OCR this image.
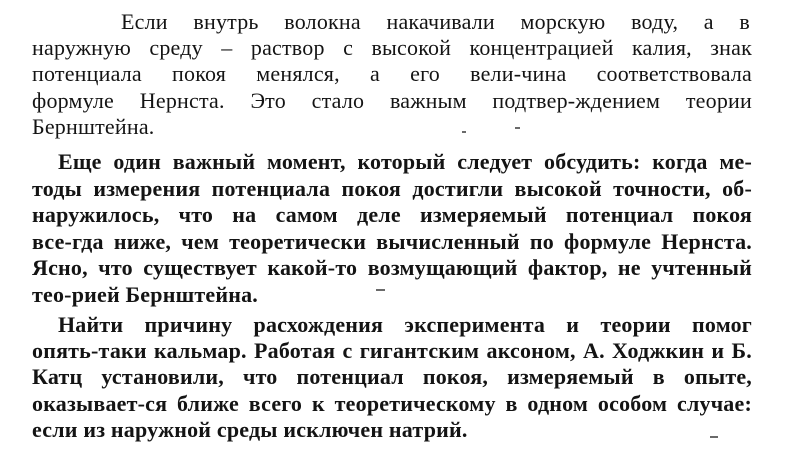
Если внутрь волокна накачивали морскую воду, а в
наружную среду – раствор с высокой концентрацией калия, знак
потенциала покоя менялся, а его вели-чина соответствовала
формуле Нернста. Это стало важным подтвер-ждением теории
Бернштейна.
Еще один важный момент, который следует обсудить: когда ме-
тоды измерения потенциала покоя достигли высокой точности, об-
наружилось, что на самом деле измеряемый потенциал покоя
все-гда ниже, чем теоретически вычисленный по формуле Нернста.
Ясно, что существует какой-то возмущающий фактор, не учтенный
тео-рией Бернштейна.
Найти причину расхождения эксперимента и теории помог
опять-таки кальмар. Работая с гигантским аксоном, А. Ходжкин и Б.
Катц установили, что потенциал покоя, измеряемый в опыте,
оказывает-ся ближе всего к теоретическому в одном особом случае:
если из наружной среды исключен натрий.
